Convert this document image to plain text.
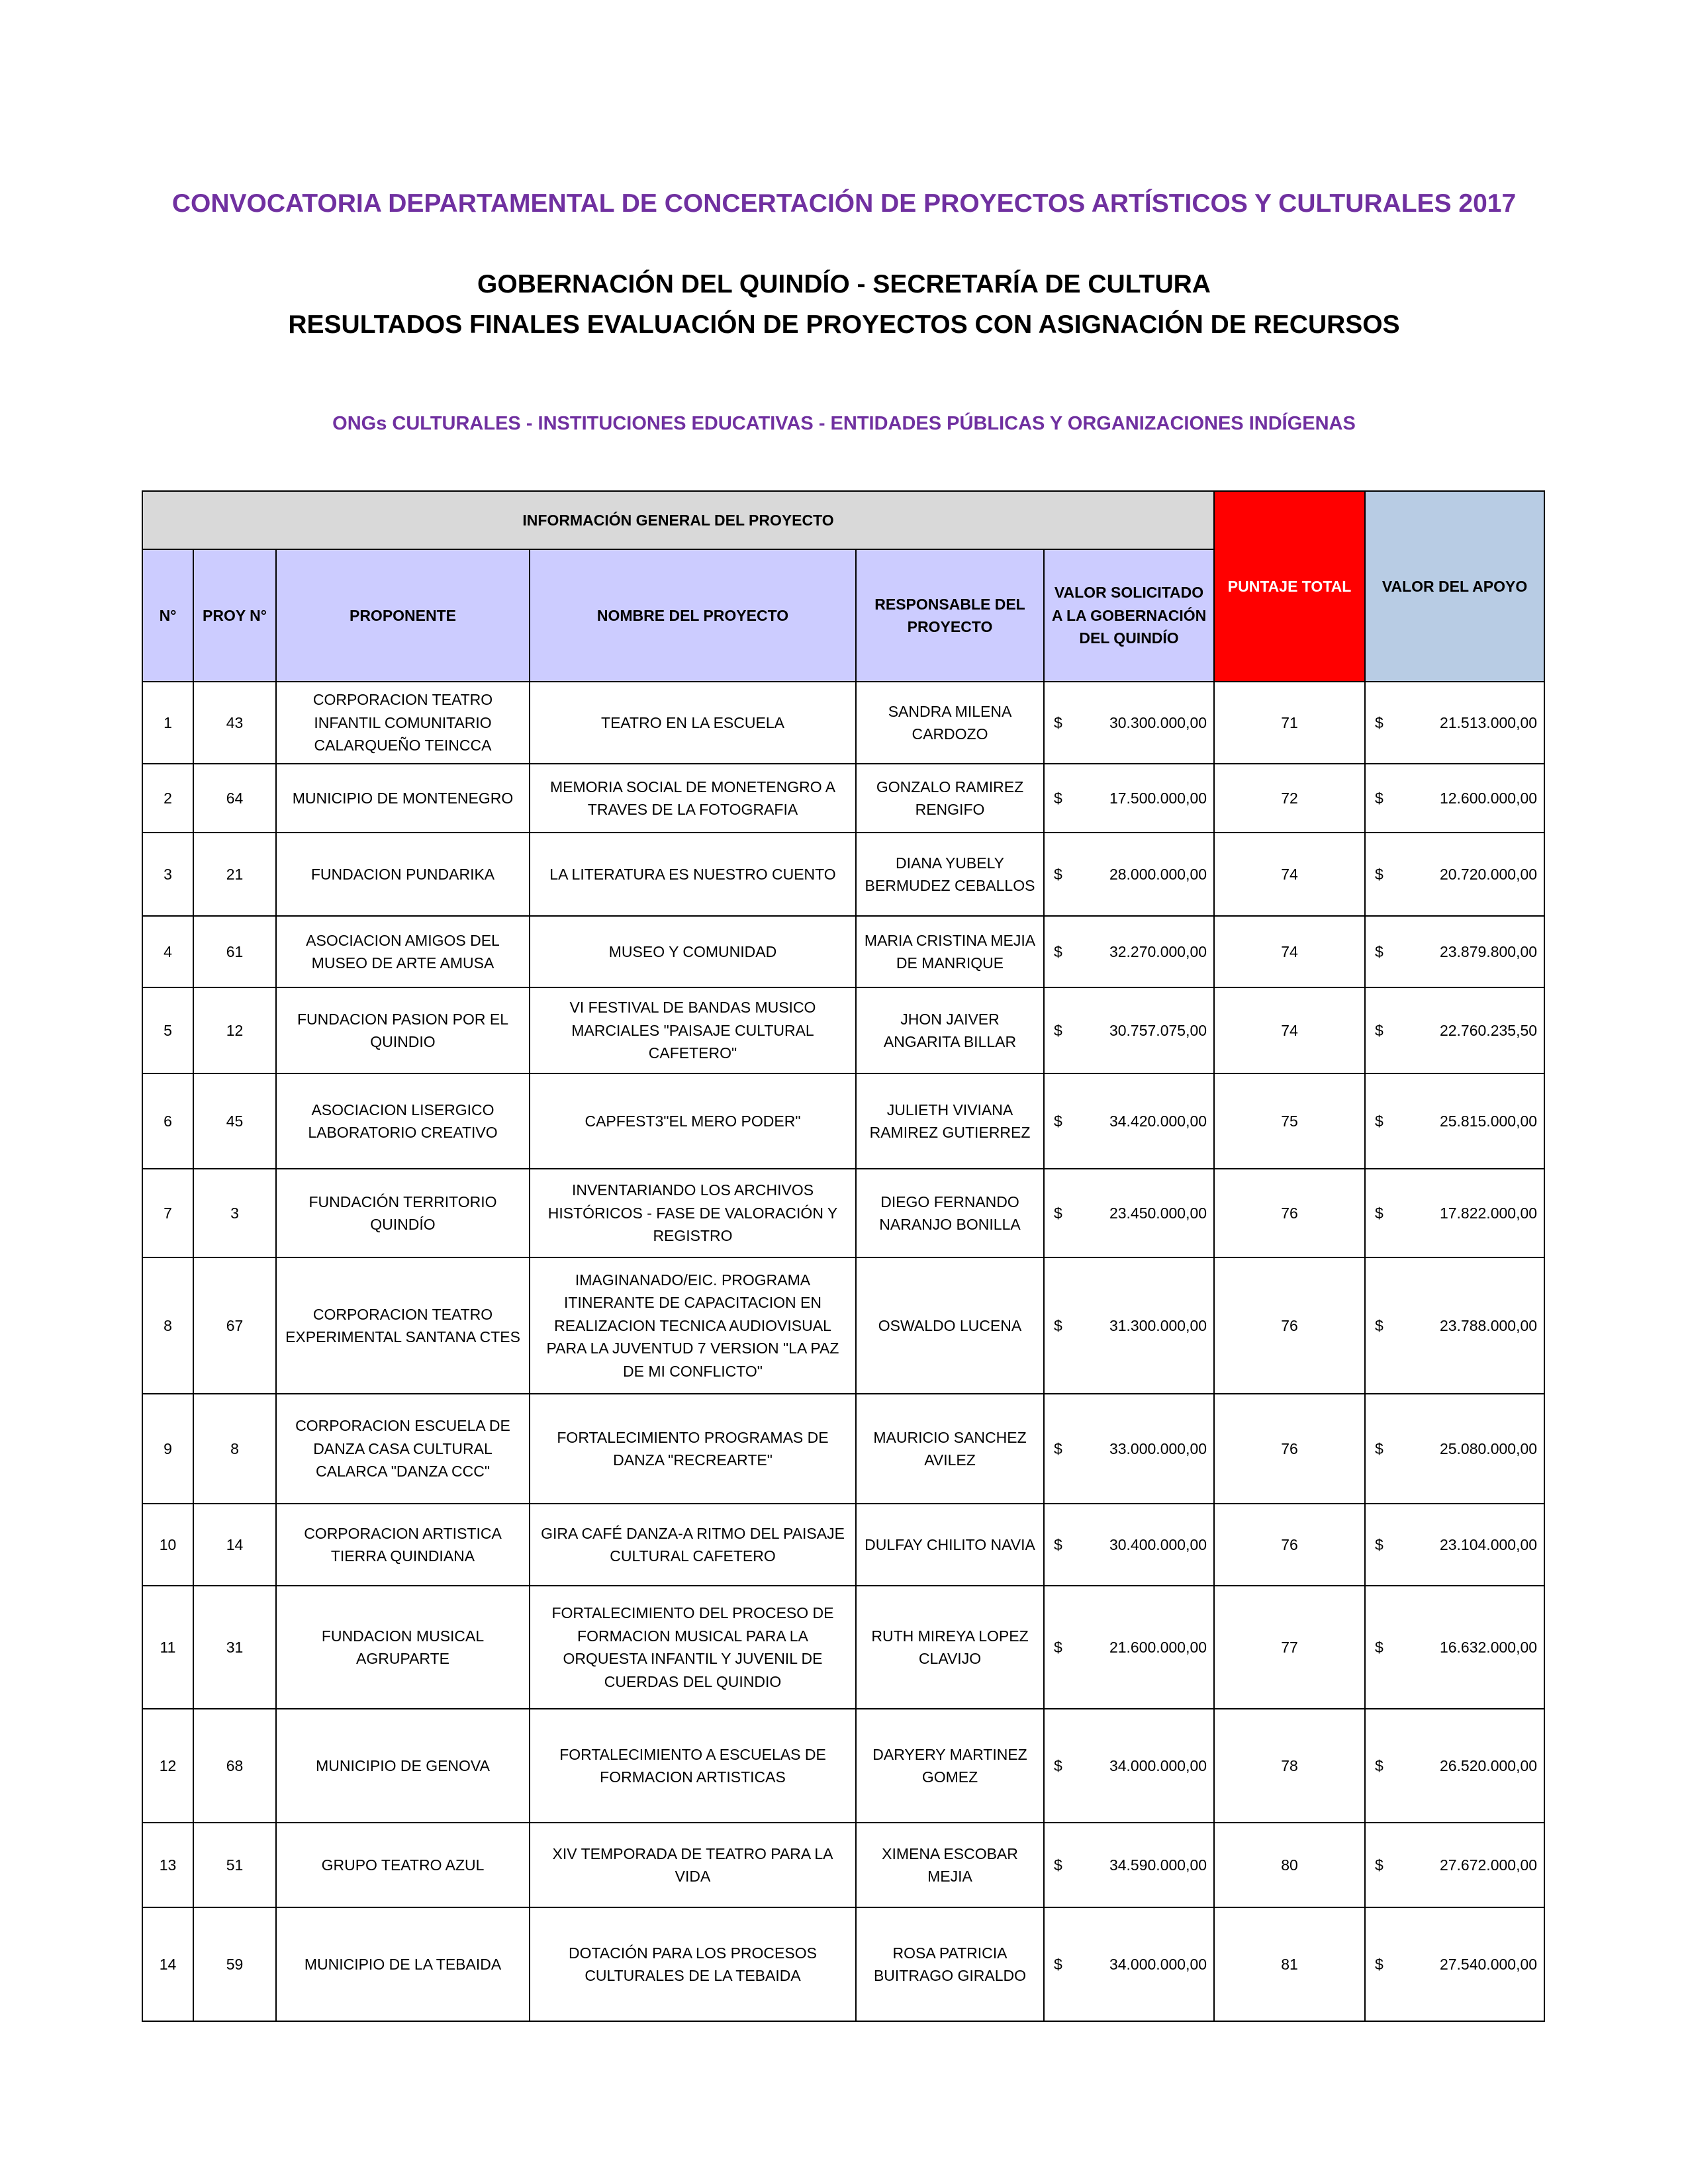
CONVOCATORIA DEPARTAMENTAL DE CONCERTACIÓN DE PROYECTOS ARTÍSTICOS Y CULTURALES 2017
GOBERNACIÓN DEL QUINDÍO - SECRETARÍA DE CULTURA
RESULTADOS FINALES EVALUACIÓN DE PROYECTOS CON ASIGNACIÓN DE RECURSOS
ONGs CULTURALES - INSTITUCIONES EDUCATIVAS - ENTIDADES PÚBLICAS Y ORGANIZACIONES INDÍGENAS
INFORMACIÓN GENERAL DEL PROYECTO						PUNTAJE TOTAL	VALOR DEL APOYO
N°	PROY N°	PROPONENTE	NOMBRE DEL PROYECTO	RESPONSABLE DEL PROYECTO	VALOR SOLICITADO A LA GOBERNACIÓN DEL QUINDÍO		
1	43	CORPORACION TEATRO INFANTIL COMUNITARIO CALARQUEÑO TEINCCA	TEATRO EN LA ESCUELA	SANDRA MILENA CARDOZO	$ 30.300.000,00	71	$ 21.513.000,00

2	64	MUNICIPIO DE MONTENEGRO	MEMORIA SOCIAL DE MONETENGRO A TRAVES DE LA FOTOGRAFIA	GONZALO RAMIREZ RENGIFO	$ 17.500.000,00	72	$ 12.600.000,00

3	21	FUNDACION PUNDARIKA	LA LITERATURA ES NUESTRO CUENTO	DIANA YUBELY BERMUDEZ CEBALLOS	$ 28.000.000,00	74	$ 20.720.000,00

4	61	ASOCIACION AMIGOS DEL MUSEO DE ARTE AMUSA	MUSEO Y COMUNIDAD	MARIA CRISTINA MEJIA DE MANRIQUE	$ 32.270.000,00	74	$ 23.879.800,00

5	12	FUNDACION PASION POR EL QUINDIO	VI FESTIVAL DE BANDAS MUSICO MARCIALES "PAISAJE CULTURAL CAFETERO"	JHON JAIVER ANGARITA BILLAR	$ 30.757.075,00	74	$ 22.760.235,50

6	45	ASOCIACION LISERGICO LABORATORIO CREATIVO	CAPFEST3"EL MERO PODER"	JULIETH VIVIANA RAMIREZ GUTIERREZ	$ 34.420.000,00	75	$ 25.815.000,00

7	3	FUNDACIÓN TERRITORIO QUINDÍO	INVENTARIANDO LOS ARCHIVOS HISTÓRICOS - FASE DE VALORACIÓN Y REGISTRO	DIEGO FERNANDO NARANJO BONILLA	$ 23.450.000,00	76	$ 17.822.000,00

8	67	CORPORACION TEATRO EXPERIMENTAL SANTANA CTES	IMAGINANADO/EIC. PROGRAMA ITINERANTE DE CAPACITACION EN REALIZACION TECNICA AUDIOVISUAL PARA LA JUVENTUD 7 VERSION "LA PAZ DE MI CONFLICTO"	OSWALDO LUCENA	$ 31.300.000,00	76	$ 23.788.000,00

9	8	CORPORACION ESCUELA DE DANZA CASA CULTURAL CALARCA "DANZA CCC"	FORTALECIMIENTO PROGRAMAS DE DANZA "RECREARTE"	MAURICIO SANCHEZ AVILEZ	$ 33.000.000,00	76	$ 25.080.000,00

10	14	CORPORACION ARTISTICA TIERRA QUINDIANA	GIRA CAFÉ DANZA-A RITMO DEL PAISAJE CULTURAL CAFETERO	DULFAY CHILITO NAVIA	$ 30.400.000,00	76	$ 23.104.000,00

11	31	FUNDACION MUSICAL AGRUPARTE	FORTALECIMIENTO DEL PROCESO DE FORMACION MUSICAL PARA LA ORQUESTA INFANTIL Y JUVENIL DE CUERDAS DEL QUINDIO	RUTH MIREYA LOPEZ CLAVIJO	$ 21.600.000,00	77	$ 16.632.000,00

12	68	MUNICIPIO DE GENOVA	FORTALECIMIENTO A ESCUELAS DE FORMACION ARTISTICAS	DARYERY MARTINEZ GOMEZ	$ 34.000.000,00	78	$ 26.520.000,00

13	51	GRUPO TEATRO AZUL	XIV TEMPORADA DE TEATRO PARA LA VIDA	XIMENA ESCOBAR MEJIA	$ 34.590.000,00	80	$ 27.672.000,00

14	59	MUNICIPIO DE LA TEBAIDA	DOTACIÓN PARA LOS PROCESOS CULTURALES DE LA TEBAIDA	ROSA PATRICIA BUITRAGO GIRALDO	$ 34.000.000,00	81	$ 27.540.000,00
